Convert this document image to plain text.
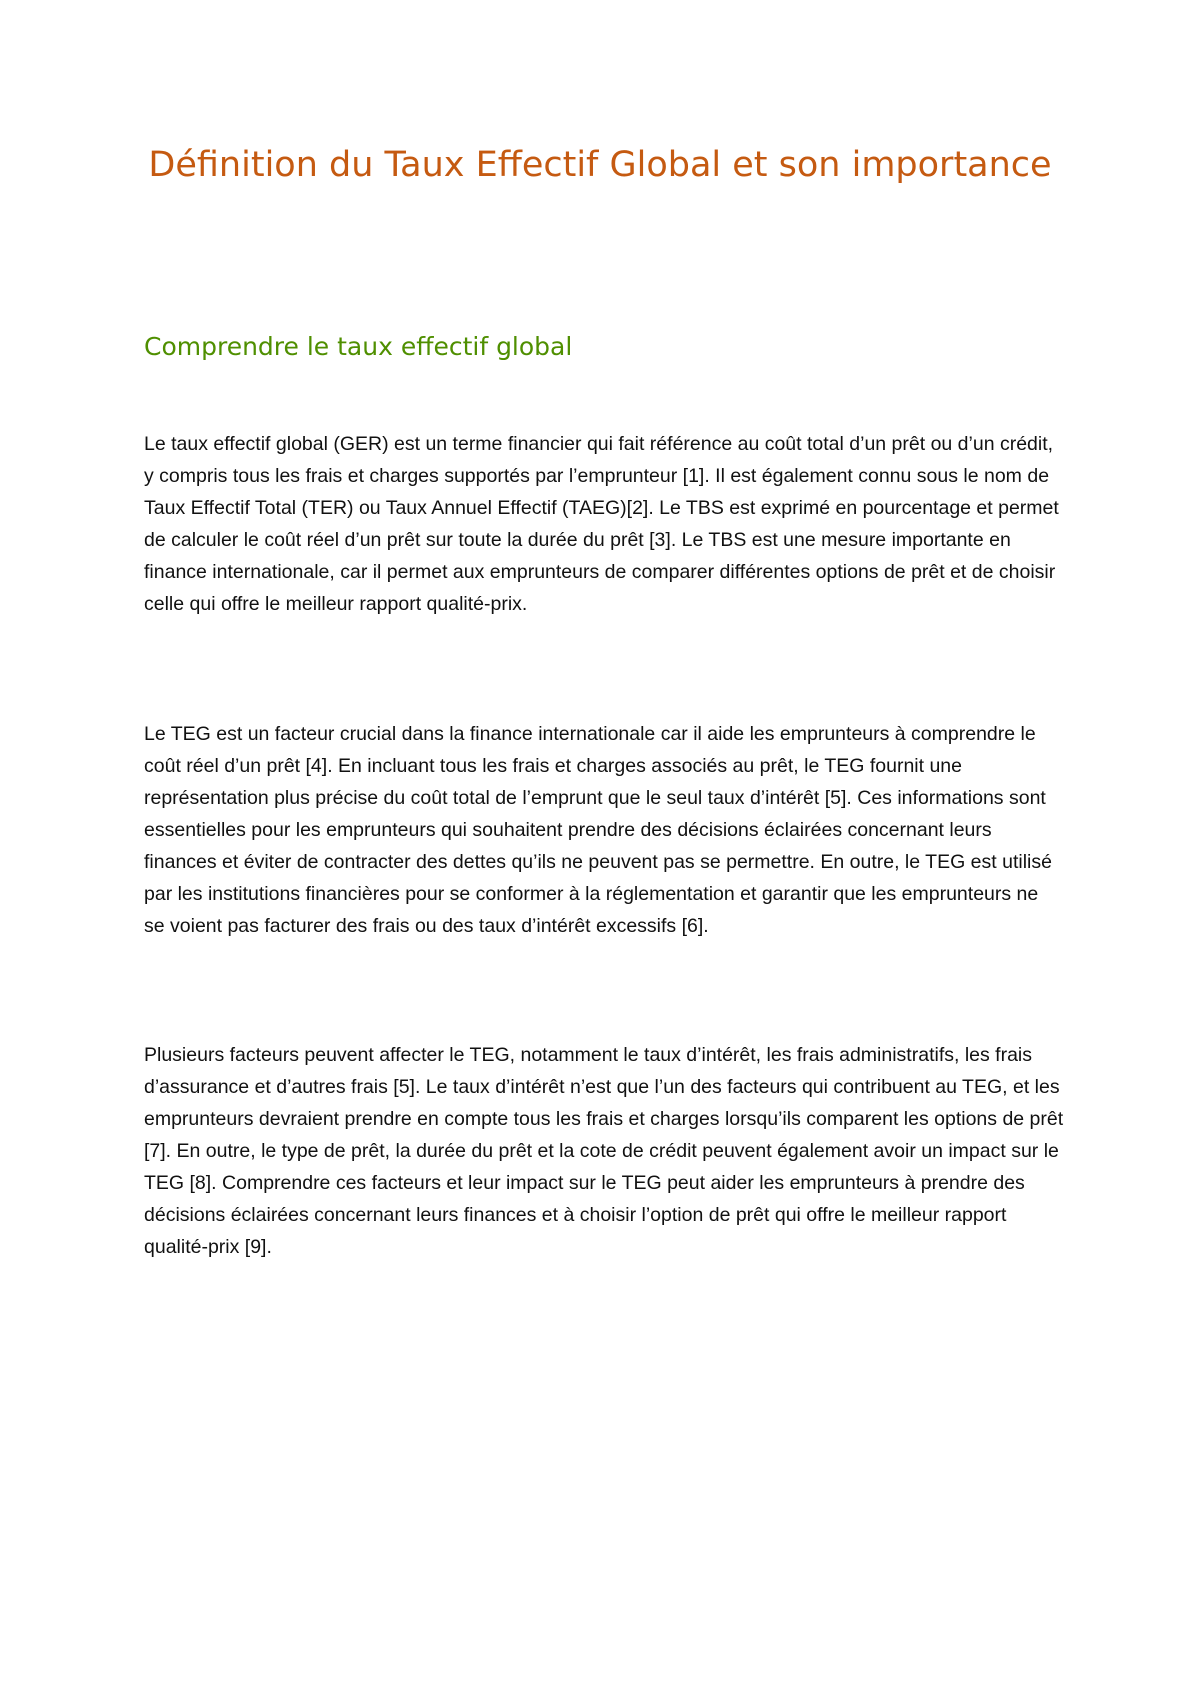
Définition du Taux Effectif Global et son importance
Comprendre le taux effectif global

Le taux effectif global (GER) est un terme financier qui fait référence au coût total d’un prêt ou d’un crédit, y compris tous les frais et charges supportés par l’emprunteur [1]. Il est également connu sous le nom de Taux Effectif Total (TER) ou Taux Annuel Effectif (TAEG)[2]. Le TBS est exprimé en pourcentage et permet de calculer le coût réel d’un prêt sur toute la durée du prêt [3]. Le TBS est une mesure importante en finance internationale, car il permet aux emprunteurs de comparer différentes options de prêt et de choisir celle qui offre le meilleur rapport qualité-prix.

Le TEG est un facteur crucial dans la finance internationale car il aide les emprunteurs à comprendre le coût réel d’un prêt [4]. En incluant tous les frais et charges associés au prêt, le TEG fournit une représentation plus précise du coût total de l’emprunt que le seul taux d’intérêt [5]. Ces informations sont essentielles pour les emprunteurs qui souhaitent prendre des décisions éclairées concernant leurs finances et éviter de contracter des dettes qu’ils ne peuvent pas se permettre. En outre, le TEG est utilisé par les institutions financières pour se conformer à la réglementation et garantir que les emprunteurs ne se voient pas facturer des frais ou des taux d’intérêt excessifs [6].

Plusieurs facteurs peuvent affecter le TEG, notamment le taux d’intérêt, les frais administratifs, les frais d’assurance et d’autres frais [5]. Le taux d’intérêt n’est que l’un des facteurs qui contribuent au TEG, et les emprunteurs devraient prendre en compte tous les frais et charges lorsqu’ils comparent les options de prêt [7]. En outre, le type de prêt, la durée du prêt et la cote de crédit peuvent également avoir un impact sur le TEG [8]. Comprendre ces facteurs et leur impact sur le TEG peut aider les emprunteurs à prendre des décisions éclairées concernant leurs finances et à choisir l’option de prêt qui offre le meilleur rapport qualité-prix [9].
